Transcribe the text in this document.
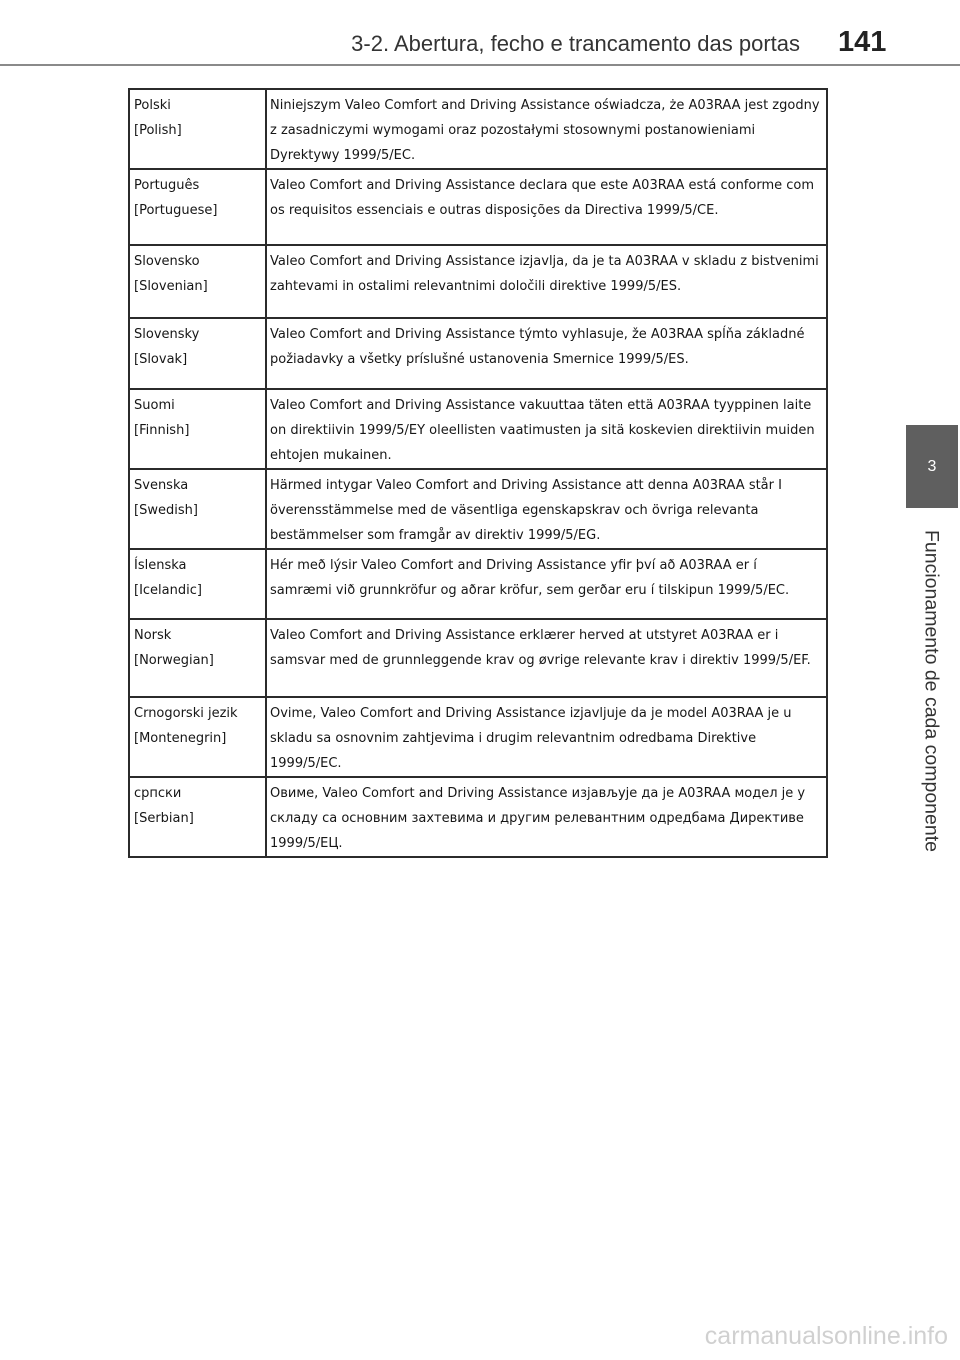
3-2. Abertura, fecho e trancamento das portas 141
3
Funcionamento de cada componente
Polski
[Polish]	Niniejszym Valeo Comfort and Driving Assistance oświadcza, że A03RAA jest zgodny z zasadniczymi wymogami oraz pozostałymi stosownymi postanowieniami Dyrektywy 1999/5/EC.

Português
[Portuguese]	Valeo Comfort and Driving Assistance declara que este A03RAA está conforme com os requisitos essenciais e outras disposições da Directiva 1999/5/CE.

Slovensko
[Slovenian]	Valeo Comfort and Driving Assistance izjavlja, da je ta A03RAA v skladu z bistvenimi zahtevami in ostalimi relevantnimi določili direktive 1999/5/ES.

Slovensky
[Slovak]	Valeo Comfort and Driving Assistance týmto vyhlasuje, že A03RAA spĺňa základné požiadavky a všetky príslušné ustanovenia Smernice 1999/5/ES.

Suomi
[Finnish]	Valeo Comfort and Driving Assistance vakuuttaa täten että A03RAA tyyppinen laite on direktiivin 1999/5/EY oleellisten vaatimusten ja sitä koskevien direktiivin muiden ehtojen mukainen.

Svenska
[Swedish]	Härmed intygar Valeo Comfort and Driving Assistance att denna A03RAA står I överensstämmelse med de väsentliga egenskapskrav och övriga relevanta bestämmelser som framgår av direktiv 1999/5/EG.

Íslenska
[Icelandic]	Hér með lýsir Valeo Comfort and Driving Assistance yfir því að A03RAA er í samræmi við grunnkröfur og aðrar kröfur, sem gerðar eru í tilskipun 1999/5/EC.

Norsk
[Norwegian]	Valeo Comfort and Driving Assistance erklærer herved at utstyret A03RAA er i samsvar med de grunnleggende krav og øvrige relevante krav i direktiv 1999/5/EF.

Crnogorski jezik
[Montenegrin]	Ovime, Valeo Comfort and Driving Assistance izjavljuje da je model A03RAA je u skladu sa osnovnim zahtjevima i drugim relevantnim odredbama Direktive 1999/5/EC.

српски
[Serbian]	Овиме, Valeo Comfort and Driving Assistance изјављује да је A03RAA модел је у складу са основним захтевима и другим релевантним одредбама Директиве 1999/5/ЕЦ.
carmanualsonline.info
